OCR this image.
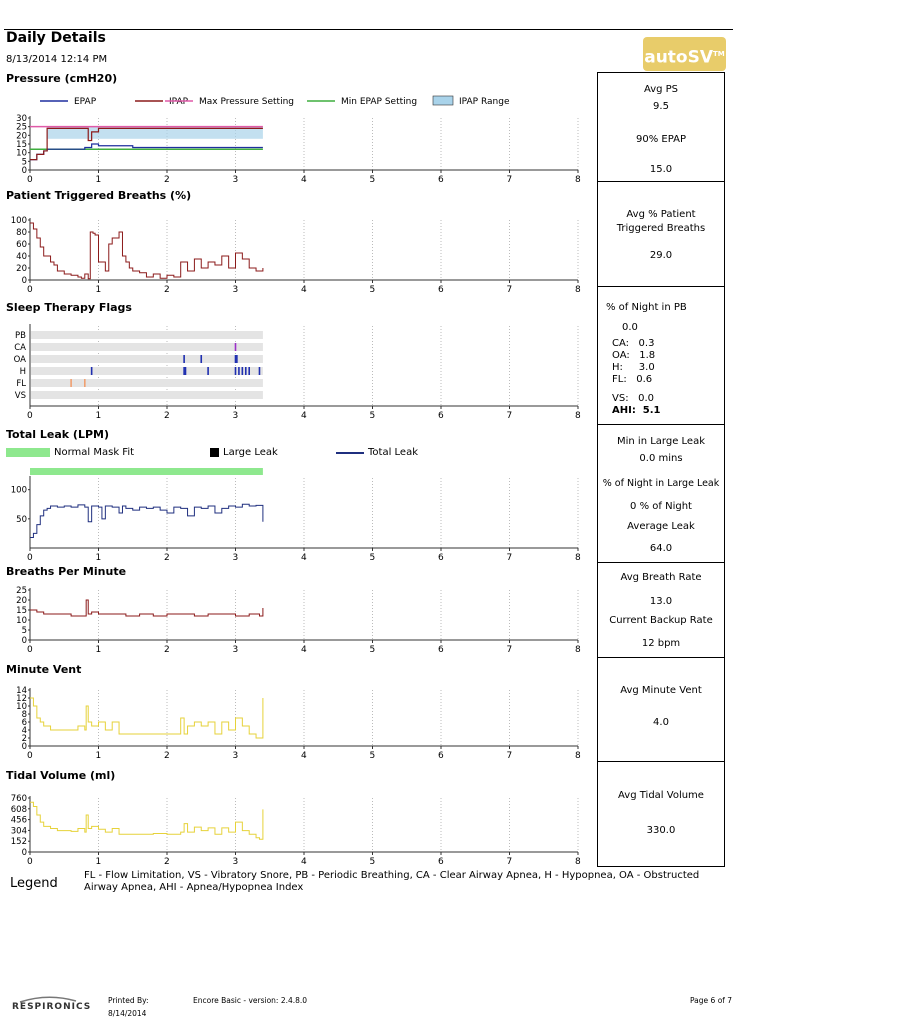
Daily Details
8/13/2014 12:14 PM	autoSV™
Pressure (cmH20)
Patient Triggered Breaths (%)
Sleep Therapy Flags
Total Leak (LPM)
Breaths Per Minute
Minute Vent
Tidal Volume (ml)
Normal Mask Fit	Large Leak	Total Leak
0	1	2	3	4	5	6	7	8
30
25
20
15
10
5
0
EPAP	IPAP Max Pressure Setting	Min EPAP Setting	IPAP Range
0	1	2	3	4	5	6	7	8
100
80
60
40
20
0
0	1	2	3	4	5	6	7	8
25
20
15
10
5
0
0	1	2	3	4	5	6	7	8
14
12
10
8
6
4
2
0
0	1	2	3	4	5	6	7	8
760
608
456
304
152
0
0	1	2	3	4	5	6	7	8
100
50
0	1	2	3	4	5	6	7	8
PB
CA
OA
H
FL
VS
Avg PS
9.5
90% EPAP
15.0
Avg % Patient Triggered Breaths
29.0
% of Night in PB
0.0
CA:   0.3
OA:   1.8
H:     3.0
FL:   0.6
VS:   0.0
AHI:  5.1
Min in Large Leak
0.0 mins
% of Night in Large Leak
0 % of Night
Average Leak
64.0
Avg Breath Rate
13.0
Current Backup Rate
12 bpm
Avg Minute Vent
4.0
Avg Tidal Volume
330.0
Legend
FL - Flow Limitation, VS - Vibratory Snore, PB - Periodic Breathing, CA - Clear Airway Apnea, H - Hypopnea, OA - Obstructed Airway Apnea, AHI - Apnea/Hypopnea Index
RESPIRONICS
Printed By:
8/14/2014
Encore Basic - version: 2.4.8.0	Page 6 of 7
